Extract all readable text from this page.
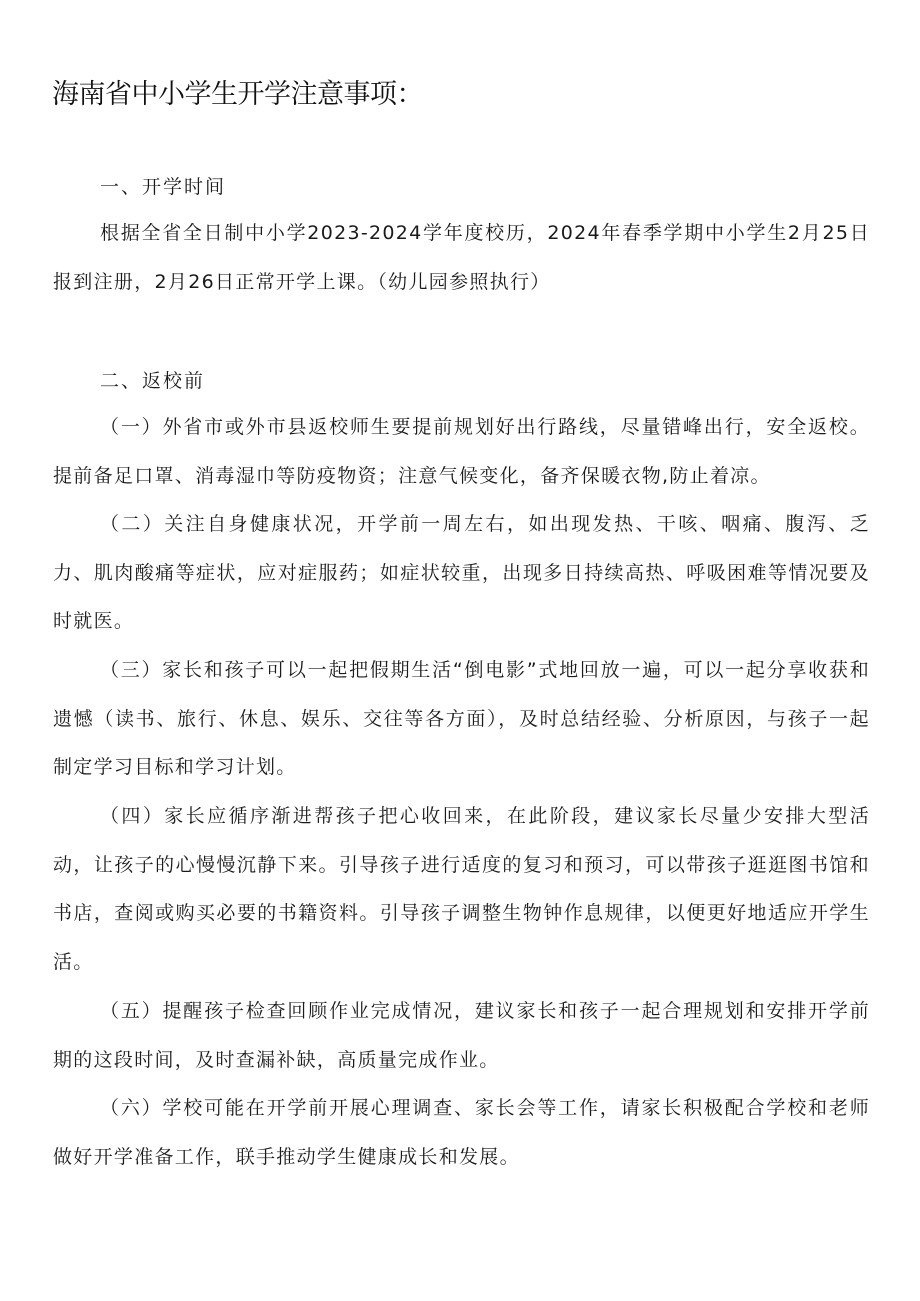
海南省中小学生开学注意事项：

一、开学时间

根据全省全日制中小学2023-2024学年度校历，2024年春季学期中小学生2月25日报到注册，2月26日正常开学上课。（幼儿园参照执行）

二、返校前

（一）外省市或外市县返校师生要提前规划好出行路线，尽量错峰出行，安全返校。提前备足口罩、消毒湿巾等防疫物资；注意气候变化，备齐保暖衣物,防止着凉。

（二）关注自身健康状况，开学前一周左右，如出现发热、干咳、咽痛、腹泻、乏力、肌肉酸痛等症状，应对症服药；如症状较重，出现多日持续高热、呼吸困难等情况要及时就医。

（三）家长和孩子可以一起把假期生活“倒电影”式地回放一遍，可以一起分享收获和遗憾（读书、旅行、休息、娱乐、交往等各方面），及时总结经验、分析原因，与孩子一起制定学习目标和学习计划。

（四）家长应循序渐进帮孩子把心收回来，在此阶段，建议家长尽量少安排大型活动，让孩子的心慢慢沉静下来。引导孩子进行适度的复习和预习，可以带孩子逛逛图书馆和书店，查阅或购买必要的书籍资料。引导孩子调整生物钟作息规律，以便更好地适应开学生活。

（五）提醒孩子检查回顾作业完成情况，建议家长和孩子一起合理规划和安排开学前期的这段时间，及时查漏补缺，高质量完成作业。

（六）学校可能在开学前开展心理调查、家长会等工作，请家长积极配合学校和老师做好开学准备工作，联手推动学生健康成长和发展。
